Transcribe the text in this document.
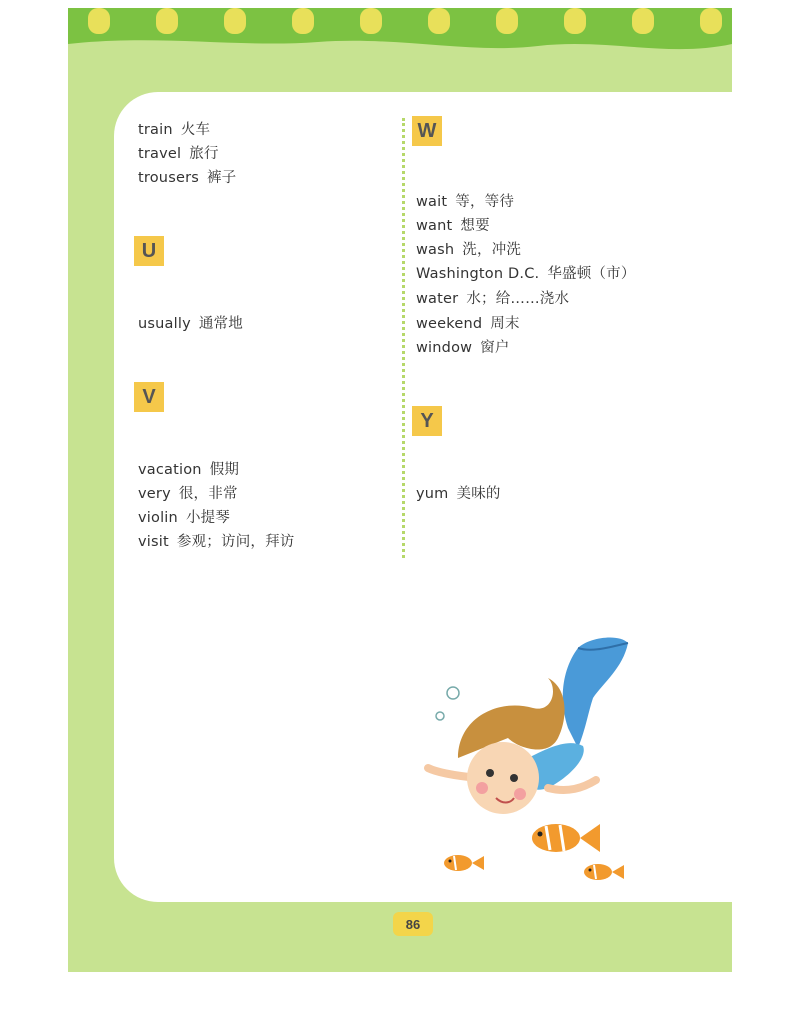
train 火车
travel 旅行
trousers 裤子
U
usually 通常地
V
vacation 假期
very 很，非常
violin 小提琴
visit 参观；访问，拜访
W
wait 等，等待
want 想要
wash 洗，冲洗
Washington D.C. 华盛顿（市）
water 水；给……浇水
weekend 周末
window 窗户
Y
yum 美味的
86
